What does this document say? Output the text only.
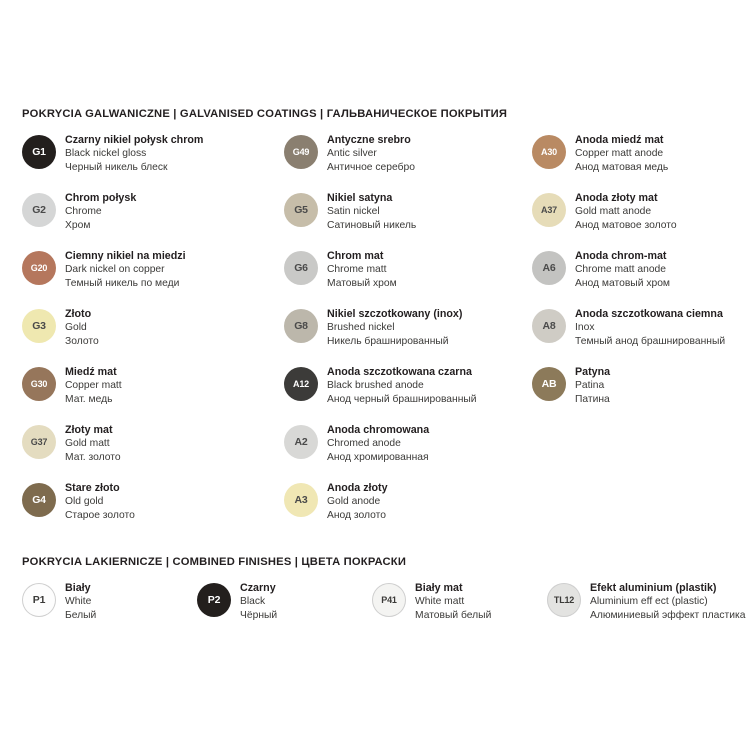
POKRYCIA GALWANICZNE | GALVANISED COATINGS | ГАЛЬВАНИЧЕСКОЕ ПОКРЫТИЯ
G1
Czarny nikiel połysk chrom
Black nickel gloss
Черный никель блеск
G49
Antyczne srebro
Antic silver
Античное серебро
A30
Anoda miedź mat
Copper matt anode
Анод матовая медь
G2
Chrom połysk
Chrome
Хром
G5
Nikiel satyna
Satin nickel
Сатиновый никель
A37
Anoda złoty mat
Gold matt anode
Анод матовое золото
G20
Ciemny nikiel na miedzi
Dark nickel on copper
Темный никель по меди
G6
Chrom mat
Chrome matt
Матовый хром
A6
Anoda chrom-mat
Chrome matt anode
Анод матовый хром
G3
Złoto
Gold
Золото
G8
Nikiel szczotkowany (inox)
Brushed nickel
Никель брашнированный
A8
Anoda szczotkowana ciemna
Inox
Темный анод брашнированный
G30
Miedź mat
Copper matt
Мат. медь
A12
Anoda szczotkowana czarna
Black brushed anode
Анод черный брашнированный
AB
Patyna
Patina
Патина
G37
Złoty mat
Gold matt
Мат. золото
A2
Anoda chromowana
Chromed anode
Анод хромированная
G4
Stare złoto
Old gold
Старое золото
A3
Anoda złoty
Gold anode
Анод золото
POKRYCIA LAKIERNICZE | COMBINED FINISHES | ЦВЕТА ПОКРАСКИ
P1
Biały
White
Белый
P2
Czarny
Black
Чёрный
P41
Biały mat
White matt
Матовый белый
TL12
Efekt aluminium (plastik)
Aluminium eff ect (plastic)
Алюминиевый эффект пластика
